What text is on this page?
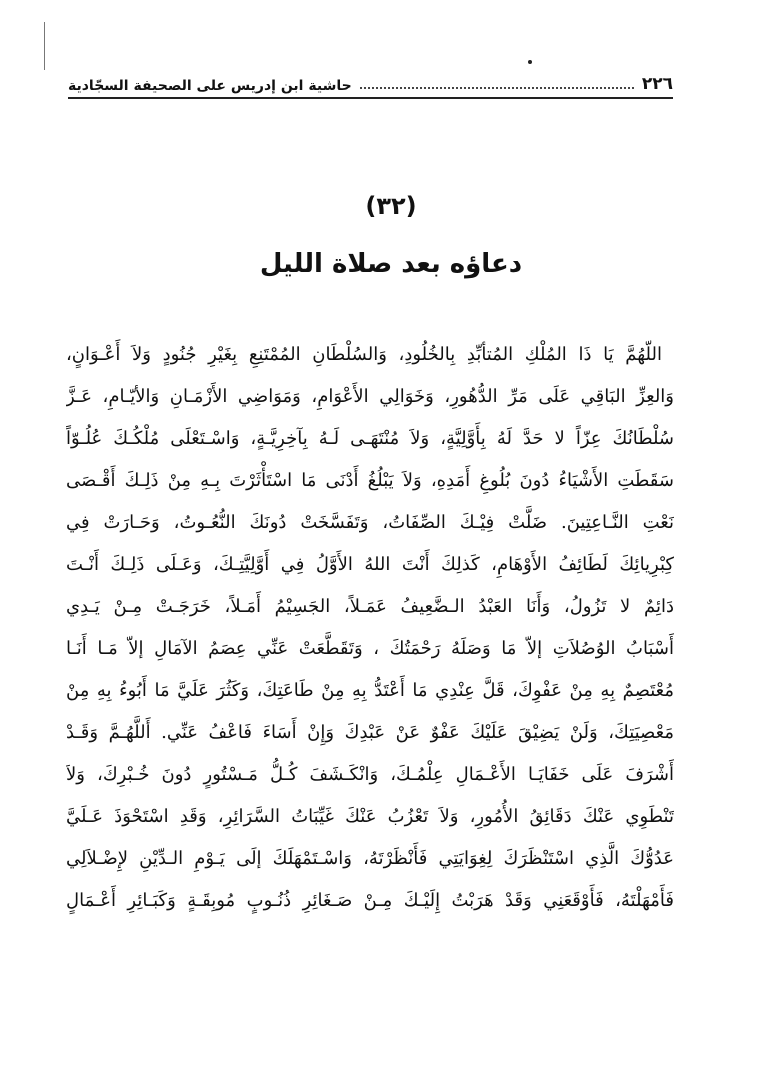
٢٢٦
حاشية ابن إدريس على الصحيفة السجّادية
(٣٢)
دعاؤه بعد صلاة الليل
اللّهُمَّ يَا ذَا المُلْكِ المُتأبِّدِ بِالخُلُودِ، وَالسُلْطَانِ المُمْتَنِعِ بِغَيْرِ جُنُودٍ وَلاَ أَعْـوَانٍ،
وَالعِزِّ البَاقِي عَلَى مَرِّ الدُّهُورِ، وَخَوَالِي الأَعْوَامِ، وَمَوَاضِي الأَزْمَـانِ وَالأيّـامِ، عَـزَّ
سُلْطَانُكَ عِزّاً لا حَدَّ لَهُ بِأَوَّلِيَّةٍ، وَلاَ مُنْتَهَـى لَـهُ بِآخِرِيَّـةٍ، وَاسْـتَعْلَى مُلْكُـكَ عُلُـوّاً
سَقَطَتِ الأَشْيَاءُ دُونَ بُلُوغِ أَمَدِهِ، وَلاَ يَبْلُغُ أَدْنَى مَا اسْتَأْثَرْتَ بِـهِ مِنْ ذَلِـكَ أَقْـصَى
نَعْتِ النَّـاعِتِينَ. ضَلَّتْ فِيْـكَ الصِّفَاتُ، وَتَفَسَّخَتْ دُونَكَ النُّعُـوتُ، وَحَـارَتْ فِي
كِبْرِيائِكَ لَطَائِفُ الأَوْهَامِ، كَذلِكَ أَنْتَ اللهُ الأَوَّلُ فِي أَوَّلِيَّتِـكَ، وَعَـلَى ذَلِـكَ أَنْـتَ
دَائِمٌ لا تَزُولُ، وَأَنَا العَبْدُ الـضَّعِيفُ عَمَـلاً، الجَسِيْمُ أَمَـلاً، خَرَجَـتْ مِـنْ يَـدِي
أَسْبَابُ الوُصُلاَتِ إلاّ مَا وَصَلَهُ رَحْمَتُكَ ، وَتَقَطَّعَتْ عَنِّي عِصَمُ الآمَالِ إلاّ مَـا أَنَـا
مُعْتَصِمٌ بِهِ مِنْ عَفْوِكَ، قَلَّ عِنْدِي مَا أَعْتَدُّ بِهِ مِنْ طَاعَتِكَ، وَكَثُرَ عَلَيَّ مَا أَبُوءُ بِهِ مِنْ
مَعْصِيَتِكَ، وَلَنْ يَضِيْقَ عَلَيْكَ عَفْوٌ عَنْ عَبْدِكَ وَإِنْ أَسَاءَ فَاعْفُ عَنِّي. أَللَّهُـمَّ وَقَـدْ
أَشْرَفَ عَلَى خَفَايَـا الأَعْـمَالِ عِلْمُـكَ، وَانْكَـشَفَ كُـلُّ مَـسْتُورٍ دُونَ خُـبْرِكَ، وَلاَ
تَنْطَوِي عَنْكَ دَقَائِقُ الأُمُورِ، وَلاَ تَعْزُبُ عَنْكَ غَيِّبَاتُ السَّرَائِرِ، وَقَدِ اسْتَحْوَذَ عَـلَيَّ
عَدُوُّكَ الَّذِي اسْتَنْظَرَكَ لِغِوَايَتِي فَأَنْظَرْتَهُ، وَاسْـتَمْهَلَكَ إلَى يَـوْمِ الـدِّيْنِ لإِضْـلاَلِي
فَأَمْهَلْتَهُ، فَأَوْقَعَنِي وَقَدْ هَرَبْتُ إِلَيْـكَ مِـنْ صَـغَائِرِ ذُنُـوبٍ مُوبِقَـةٍ وَكَبَـائِرِ أَعْـمَالٍ
